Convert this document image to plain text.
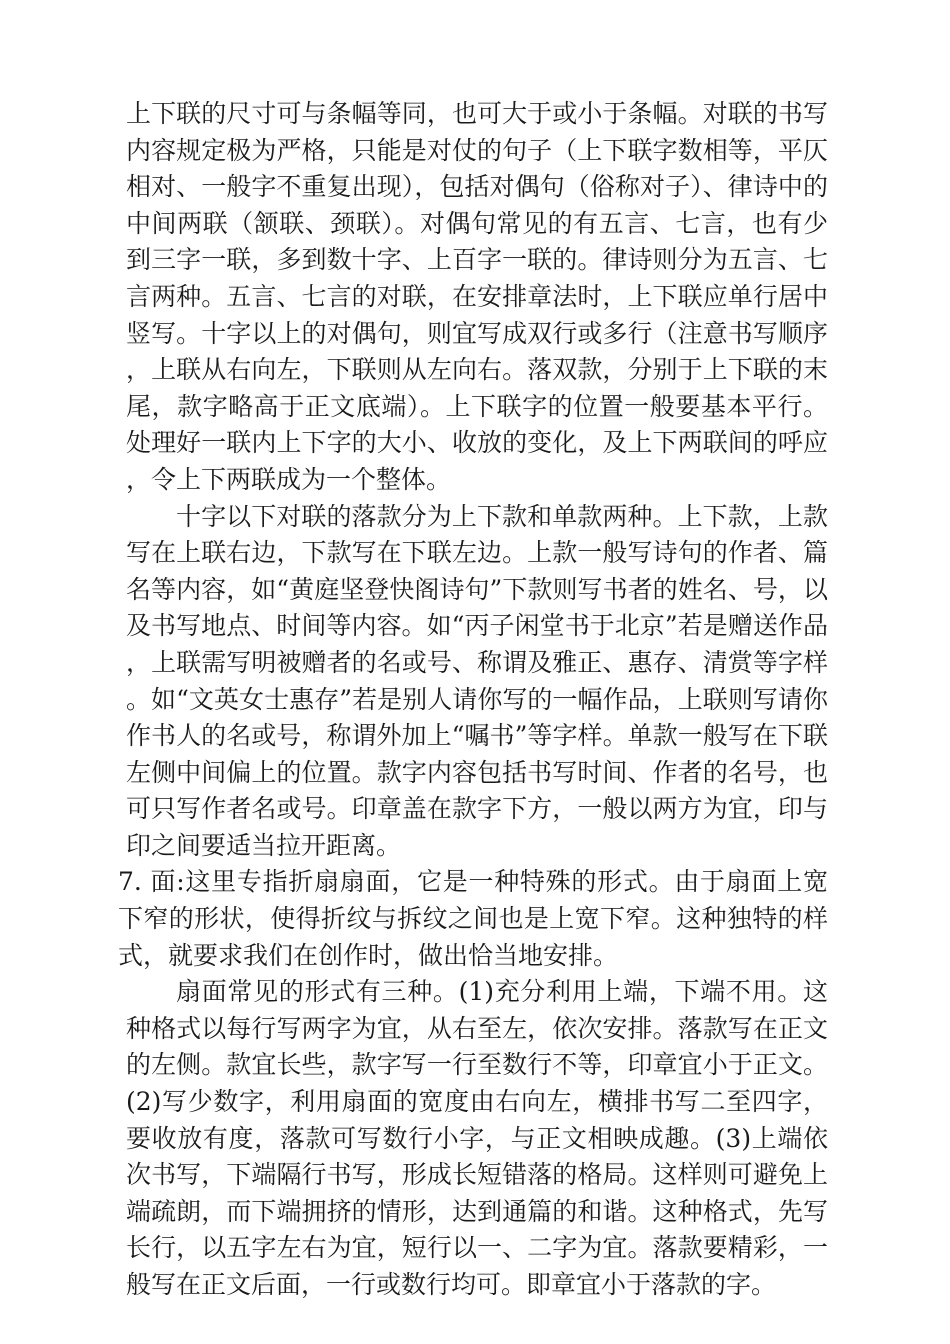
上下联的尺寸可与条幅等同，也可大于或小于条幅。对联的书写内容规定极为严格，只能是对仗的句子（上下联字数相等，平仄相对、一般字不重复出现），包括对偶句（俗称对子）、律诗中的中间两联（颔联、颈联）。对偶句常见的有五言、七言，也有少到三字一联，多到数十字、上百字一联的。律诗则分为五言、七言两种。五言、七言的对联，在安排章法时，上下联应单行居中竖写。十字以上的对偶句，则宜写成双行或多行（注意书写顺序，上联从右向左，下联则从左向右。落双款，分别于上下联的末尾，款字略高于正文底端）。上下联字的位置一般要基本平行。处理好一联内上下字的大小、收放的变化，及上下两联间的呼应，令上下两联成为一个整体。

十字以下对联的落款分为上下款和单款两种。上下款，上款写在上联右边，下款写在下联左边。上款一般写诗句的作者、篇名等内容，如“黄庭坚登快阁诗句”下款则写书者的姓名、号，以及书写地点、时间等内容。如“丙子闲堂书于北京”若是赠送作品，上联需写明被赠者的名或号、称谓及雅正、惠存、清赏等字样。如“文英女士惠存”若是别人请你写的一幅作品，上联则写请你作书人的名或号，称谓外加上“嘱书”等字样。单款一般写在下联左侧中间偏上的位置。款字内容包括书写时间、作者的名号，也可只写作者名或号。印章盖在款字下方，一般以两方为宜，印与印之间要适当拉开距离。

7. 面:这里专指折扇扇面，它是一种特殊的形式。由于扇面上宽下窄的形状，使得折纹与拆纹之间也是上宽下窄。这种独特的样式，就要求我们在创作时，做出恰当地安排。

扇面常见的形式有三种。(1)充分利用上端，下端不用。这种格式以每行写两字为宜，从右至左，依次安排。落款写在正文的左侧。款宜长些，款字写一行至数行不等，印章宜小于正文。(2)写少数字，利用扇面的宽度由右向左，横排书写二至四字，要收放有度，落款可写数行小字，与正文相映成趣。(3)上端依次书写，下端隔行书写，形成长短错落的格局。这样则可避免上端疏朗，而下端拥挤的情形，达到通篇的和谐。这种格式，先写长行，以五字左右为宜，短行以一、二字为宜。落款要精彩，一般写在正文后面，一行或数行均可。即章宜小于落款的字。
